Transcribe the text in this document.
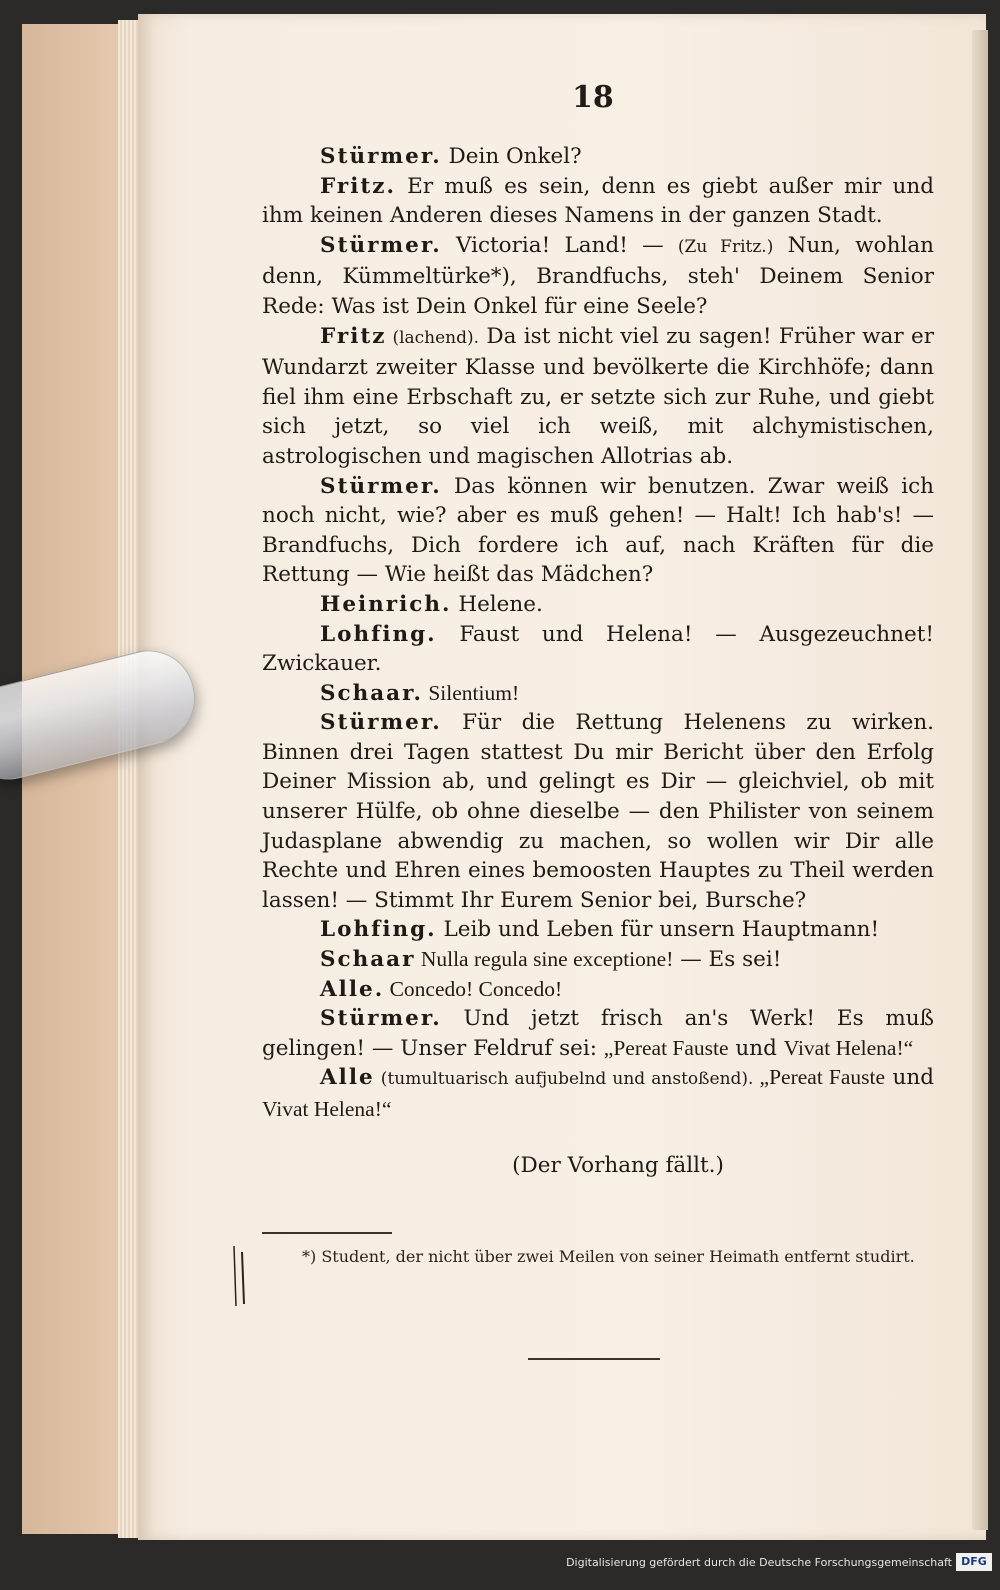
18

Stürmer. Dein Onkel?

Fritz. Er muß es sein, denn es giebt außer mir und ihm keinen Anderen dieses Namens in der ganzen Stadt.

Stürmer. Victoria! Land! — (Zu Fritz.) Nun, wohlan denn, Kümmeltürke*), Brandfuchs, steh' Deinem Senior Rede: Was ist Dein Onkel für eine Seele?

Fritz (lachend). Da ist nicht viel zu sagen! Früher war er Wundarzt zweiter Klasse und bevölkerte die Kirchhöfe; dann fiel ihm eine Erbschaft zu, er setzte sich zur Ruhe, und giebt sich jetzt, so viel ich weiß, mit alchymistischen, astrologischen und magischen Allotrias ab.

Stürmer. Das können wir benutzen. Zwar weiß ich noch nicht, wie? aber es muß gehen! — Halt! Ich hab's! — Brandfuchs, Dich fordere ich auf, nach Kräften für die Rettung — Wie heißt das Mädchen?

Heinrich. Helene.

Lohfing. Faust und Helena! — Ausgezeuchnet! Zwickauer.

Schaar. Silentium!

Stürmer. Für die Rettung Helenens zu wirken. Binnen drei Tagen stattest Du mir Bericht über den Erfolg Deiner Mission ab, und gelingt es Dir — gleichviel, ob mit unserer Hülfe, ob ohne dieselbe — den Philister von seinem Judasplane abwendig zu machen, so wollen wir Dir alle Rechte und Ehren eines bemoosten Hauptes zu Theil werden lassen! — Stimmt Ihr Eurem Senior bei, Bursche?

Lohfing. Leib und Leben für unsern Hauptmann!

Schaar Nulla regula sine exceptione! — Es sei!

Alle. Concedo! Concedo!

Stürmer. Und jetzt frisch an's Werk! Es muß gelingen! — Unser Feldruf sei: „Pereat Fauste und Vivat Helena!“

Alle (tumultuarisch aufjubelnd und anstoßend). „Pereat Fauste und Vivat Helena!“

(Der Vorhang fällt.)

*) Student, der nicht über zwei Meilen von seiner Heimath entfernt studirt.
Digitalisierung gefördert durch die Deutsche Forschungsgemeinschaft DFG
